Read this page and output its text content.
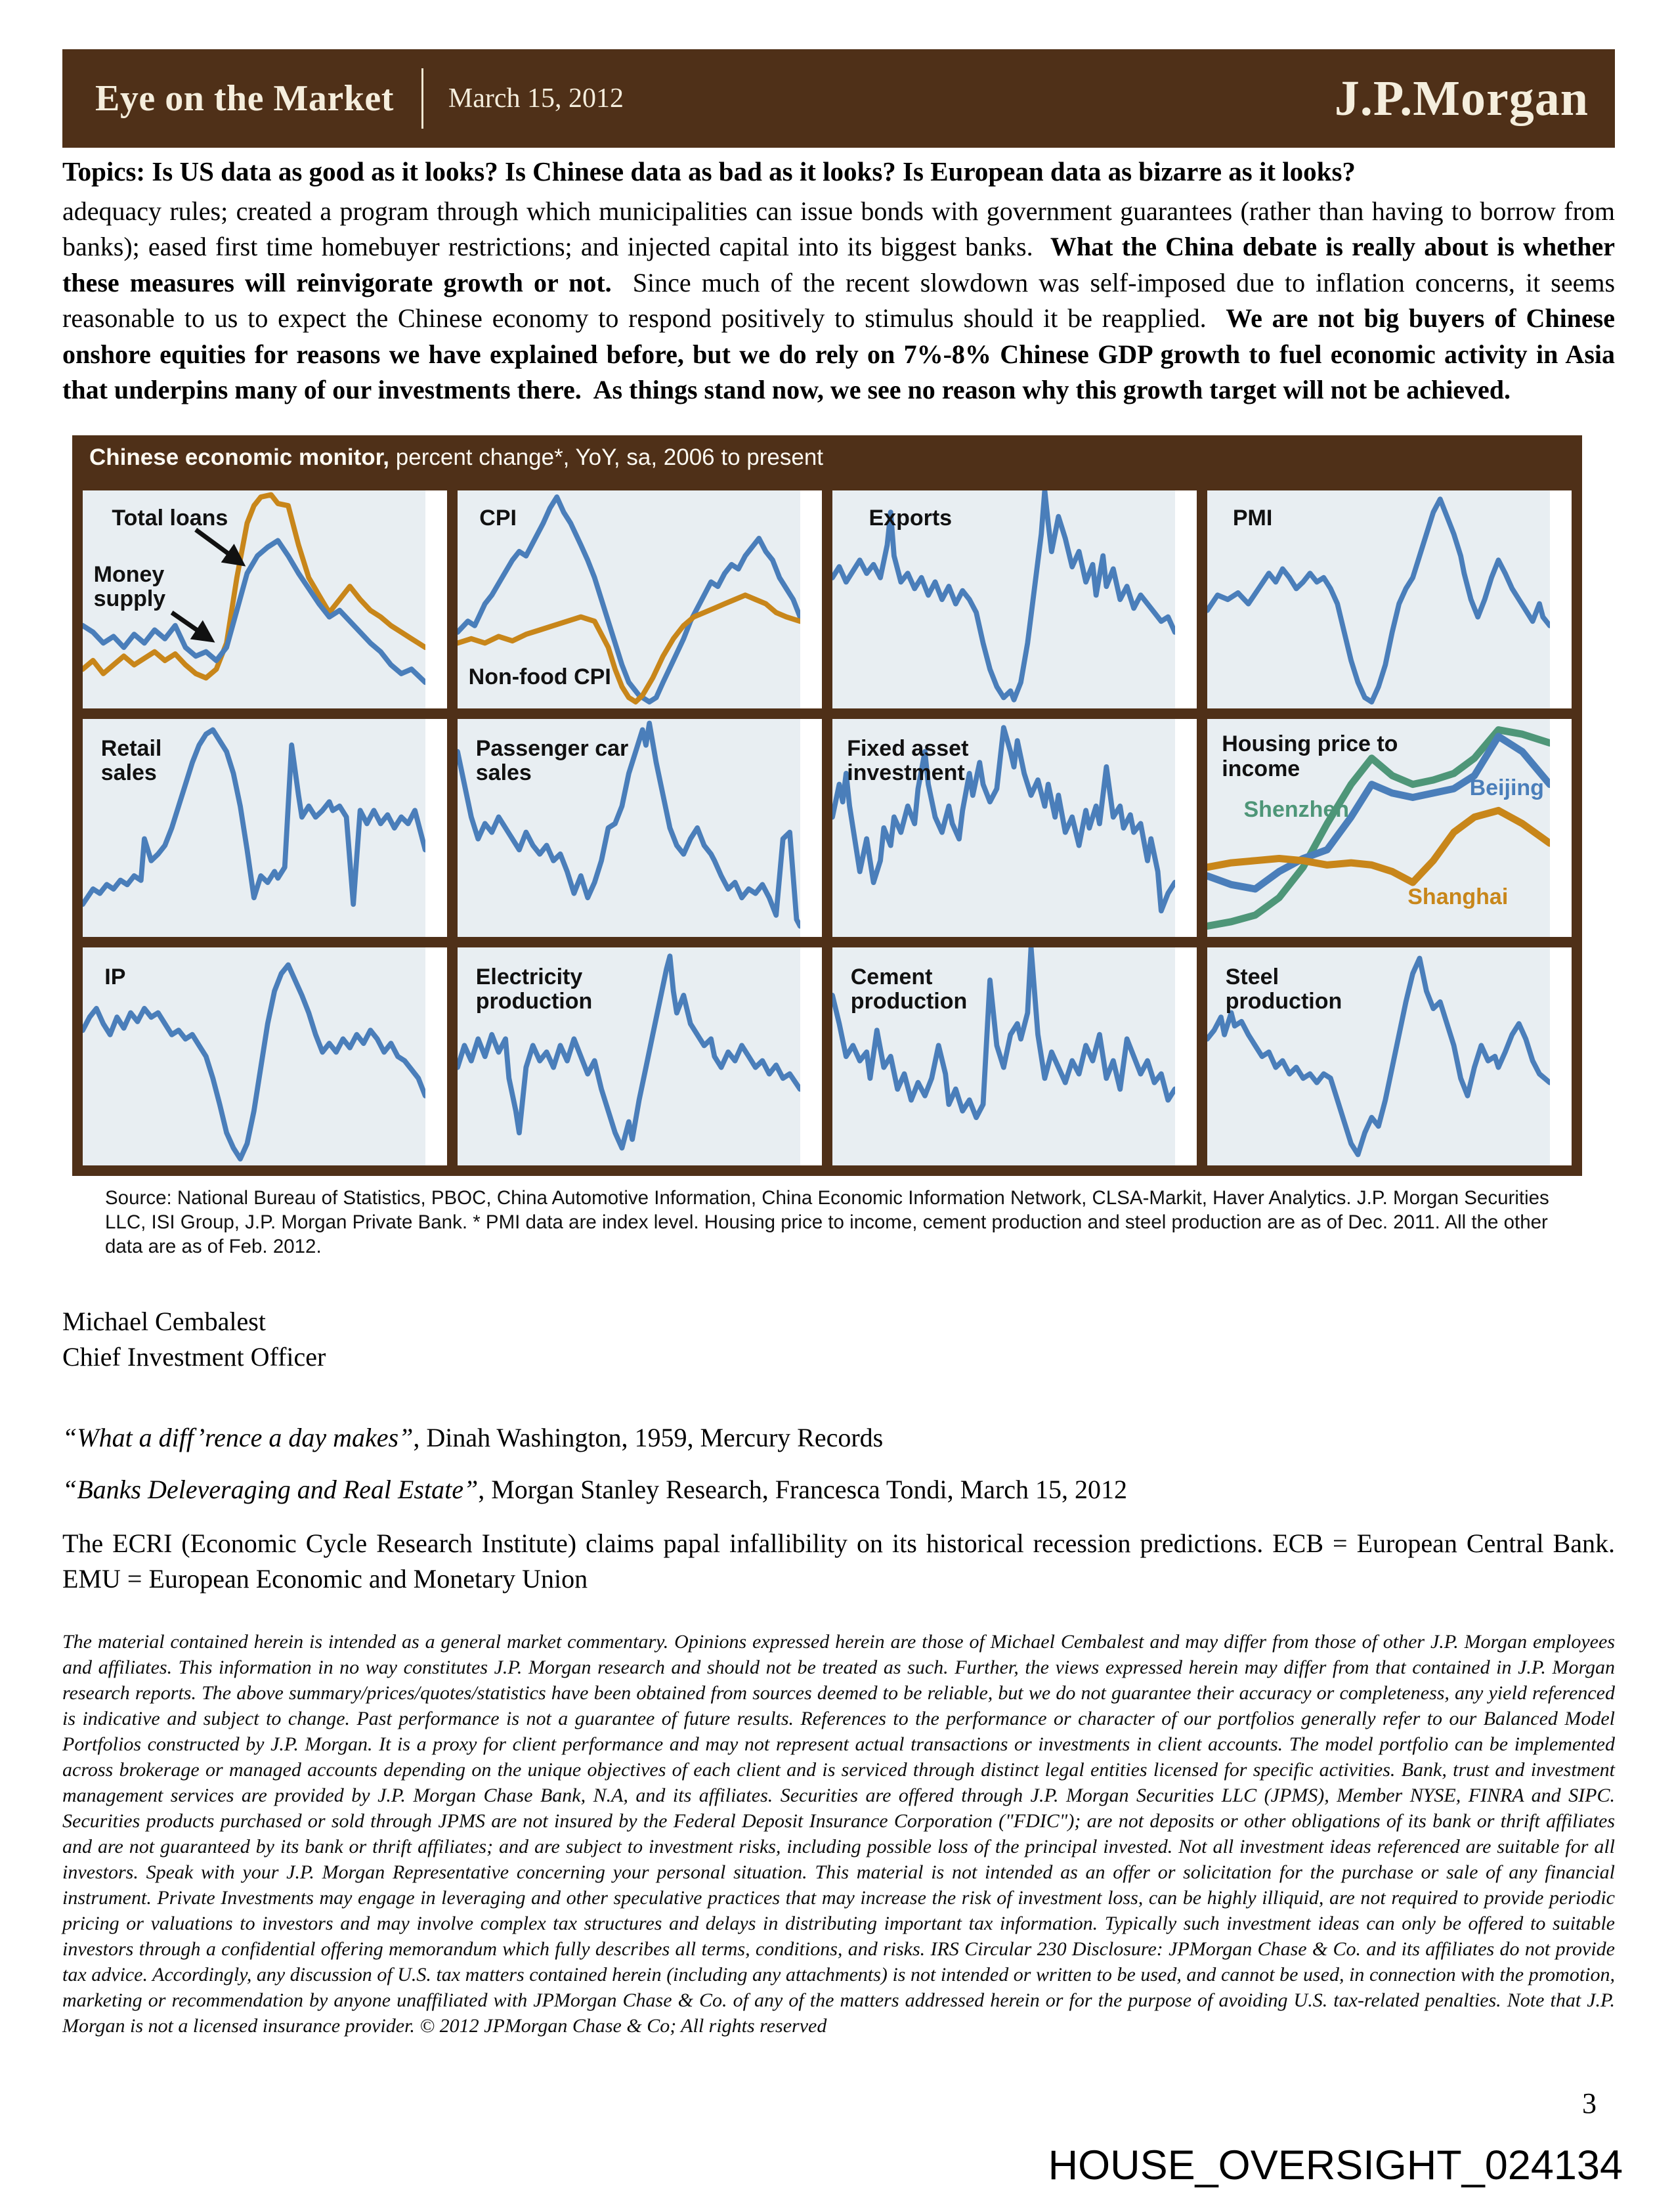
Eye on the Market March 15, 2012	J.P.Morgan
Topics: Is US data as good as it looks? Is Chinese data as bad as it looks? Is European data as bizarre as it looks?
adequacy rules; created a program through which municipalities can issue bonds with government guarantees (rather than having to borrow from banks); eased first time homebuyer restrictions; and injected capital into its biggest banks.  What the China debate is really about is whether these measures will reinvigorate growth or not.  Since much of the recent slowdown was self-imposed due to inflation concerns, it seems reasonable to us to expect the Chinese economy to respond positively to stimulus should it be reapplied.  We are not big buyers of Chinese onshore equities for reasons we have explained before, but we do rely on 7%-8% Chinese GDP growth to fuel economic activity in Asia that underpins many of our investments there.  As things stand now, we see no reason why this growth target will not be achieved.
Chinese economic monitor, percent change*, YoY, sa, 2006 to present
Total loans
Money
supply
CPI
Non-food CPI
Exports	PMI
Retail
sales
Passenger car
sales
Fixed asset
investment
Housing price to
income
Shenzhen
Beijing
Shanghai
IP	Electricity
production
Cement
production
Steel
production
Source: National Bureau of Statistics, PBOC, China Automotive Information, China Economic Information Network, CLSA-Markit, Haver Analytics. J.P. Morgan Securities LLC, ISI Group, J.P. Morgan Private Bank. * PMI data are index level. Housing price to income, cement production and steel production are as of Dec. 2011. All the other data are as of Feb. 2012.
Michael Cembalest
Chief Investment Officer
“What a diff’rence a day makes”, Dinah Washington, 1959, Mercury Records
“Banks Deleveraging and Real Estate”, Morgan Stanley Research, Francesca Tondi, March 15, 2012
The ECRI (Economic Cycle Research Institute) claims papal infallibility on its historical recession predictions. ECB = European Central Bank. EMU = European Economic and Monetary Union
The material contained herein is intended as a general market commentary. Opinions expressed herein are those of Michael Cembalest and may differ from those of other J.P. Morgan employees and affiliates. This information in no way constitutes J.P. Morgan research and should not be treated as such. Further, the views expressed herein may differ from that contained in J.P. Morgan research reports. The above summary/prices/quotes/statistics have been obtained from sources deemed to be reliable, but we do not guarantee their accuracy or completeness, any yield referenced is indicative and subject to change. Past performance is not a guarantee of future results. References to the performance or character of our portfolios generally refer to our Balanced Model Portfolios constructed by J.P. Morgan. It is a proxy for client performance and may not represent actual transactions or investments in client accounts. The model portfolio can be implemented across brokerage or managed accounts depending on the unique objectives of each client and is serviced through distinct legal entities licensed for specific activities. Bank, trust and investment management services are provided by J.P. Morgan Chase Bank, N.A, and its affiliates. Securities are offered through J.P. Morgan Securities LLC (JPMS), Member NYSE, FINRA and SIPC. Securities products purchased or sold through JPMS are not insured by the Federal Deposit Insurance Corporation ("FDIC"); are not deposits or other obligations of its bank or thrift affiliates and are not guaranteed by its bank or thrift affiliates; and are subject to investment risks, including possible loss of the principal invested. Not all investment ideas referenced are suitable for all investors. Speak with your J.P. Morgan Representative concerning your personal situation. This material is not intended as an offer or solicitation for the purchase or sale of any financial instrument. Private Investments may engage in leveraging and other speculative practices that may increase the risk of investment loss, can be highly illiquid, are not required to provide periodic pricing or valuations to investors and may involve complex tax structures and delays in distributing important tax information. Typically such investment ideas can only be offered to suitable investors through a confidential offering memorandum which fully describes all terms, conditions, and risks. IRS Circular 230 Disclosure: JPMorgan Chase & Co. and its affiliates do not provide tax advice. Accordingly, any discussion of U.S. tax matters contained herein (including any attachments) is not intended or written to be used, and cannot be used, in connection with the promotion, marketing or recommendation by anyone unaffiliated with JPMorgan Chase & Co. of any of the matters addressed herein or for the purpose of avoiding U.S. tax-related penalties. Note that J.P. Morgan is not a licensed insurance provider. © 2012 JPMorgan Chase & Co; All rights reserved
3
HOUSE_OVERSIGHT_024134
